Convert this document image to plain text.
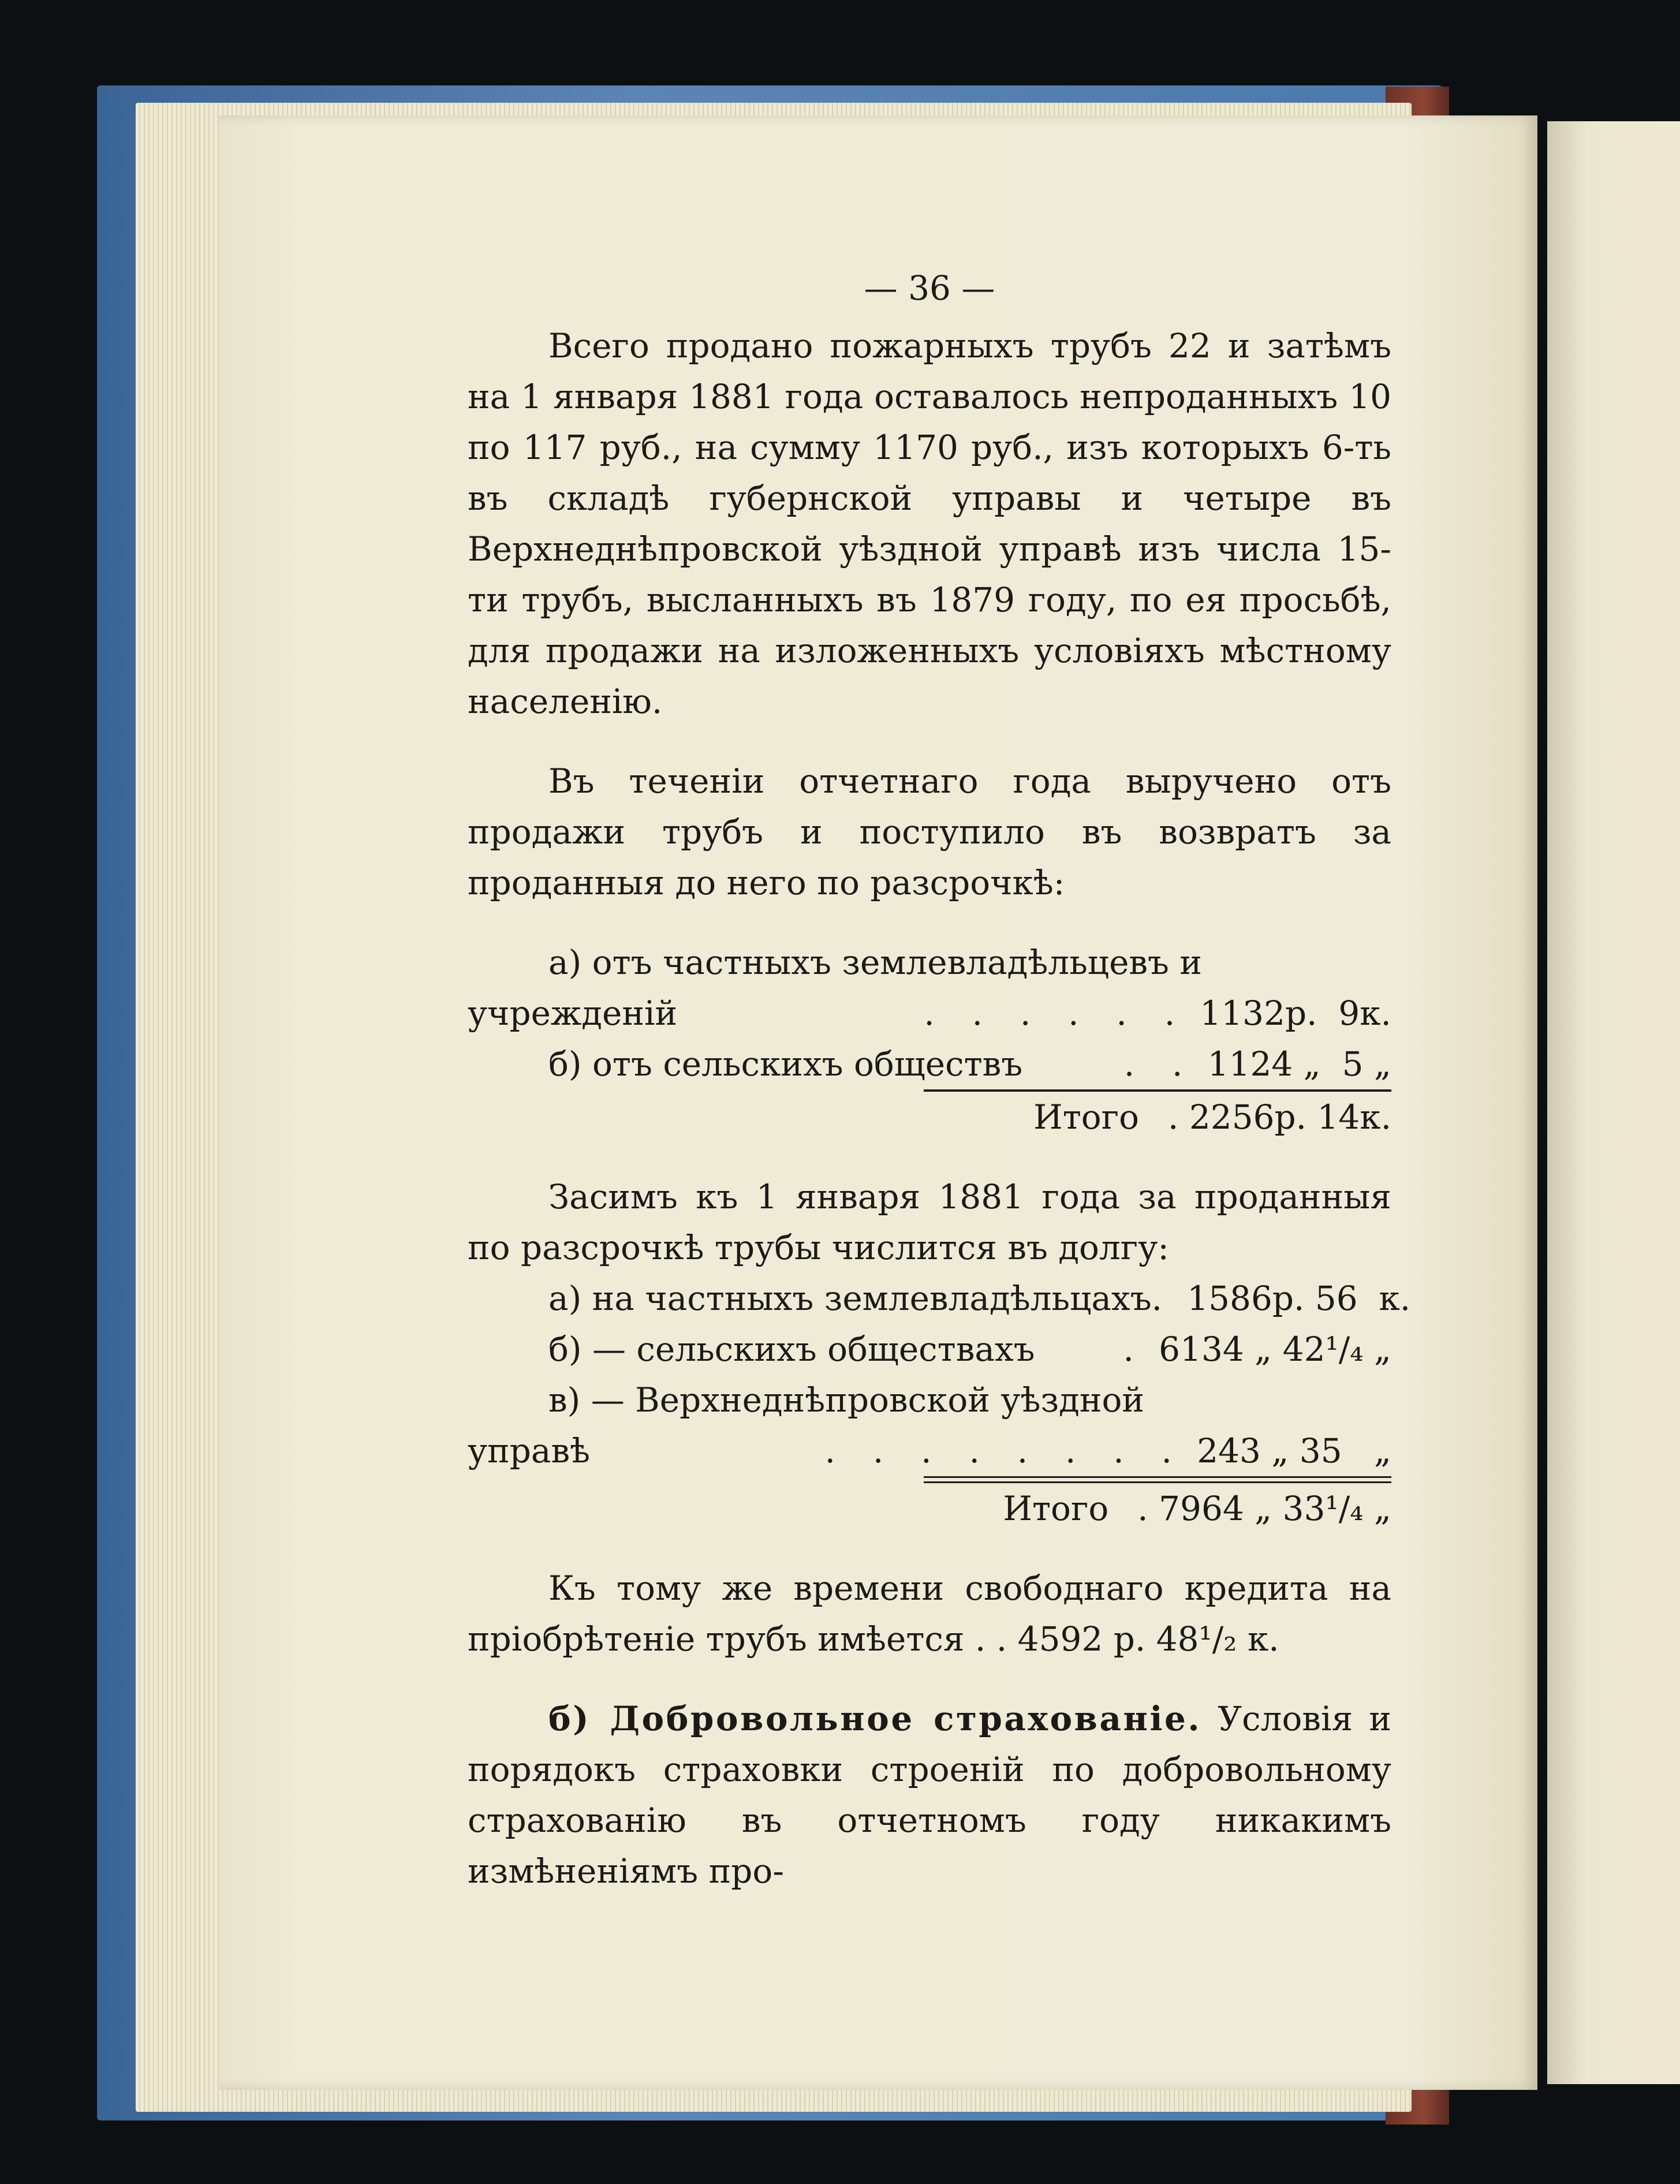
— 36 —
Всего продано пожарныхъ трубъ 22 и затѣмъ на 1 января 1881 года оставалось непроданныхъ 10 по 117 руб., на сумму 1170 руб., изъ которыхъ 6-ть въ складѣ губернской управы и четыре въ Верхнеднѣпровской уѣздной управѣ изъ числа 15-ти трубъ, высланныхъ въ 1879 году, по ея просьбѣ, для продажи на изложенныхъ условіяхъ мѣстному населенію.
Въ теченіи отчетнаго года выручено отъ продажи трубъ и поступило въ возвратъ за проданныя до него по разсрочкѣ:
а) отъ частныхъ землевладѣльцевъ и
учрежденій	. . . . . . 1132р.  9к.
б) отъ сельскихъ обществъ	. . 1124 „  5 „
Итого . 2256р. 14к.
Засимъ къ 1 января 1881 года за проданныя по разсрочкѣ трубы числится въ долгу:
а) на частныхъ землевладѣльцахъ . 1586р. 56  к.
б) — сельскихъ обществахъ	. 6134 „ 42¹/₄ „
в) — Верхнеднѣпровской уѣздной
управѣ	. . . . . . . . 243 „ 35   „
Итого . 7964 „ 33¹/₄ „
Къ тому же времени свободнаго кредита на пріобрѣтеніе трубъ имѣется . . 4592 р. 48¹/₂ к.
б) Добровольное страхованіе. Условія и порядокъ страховки строеній по добровольному страхованію въ отчетномъ году никакимъ измѣненіямъ про-
